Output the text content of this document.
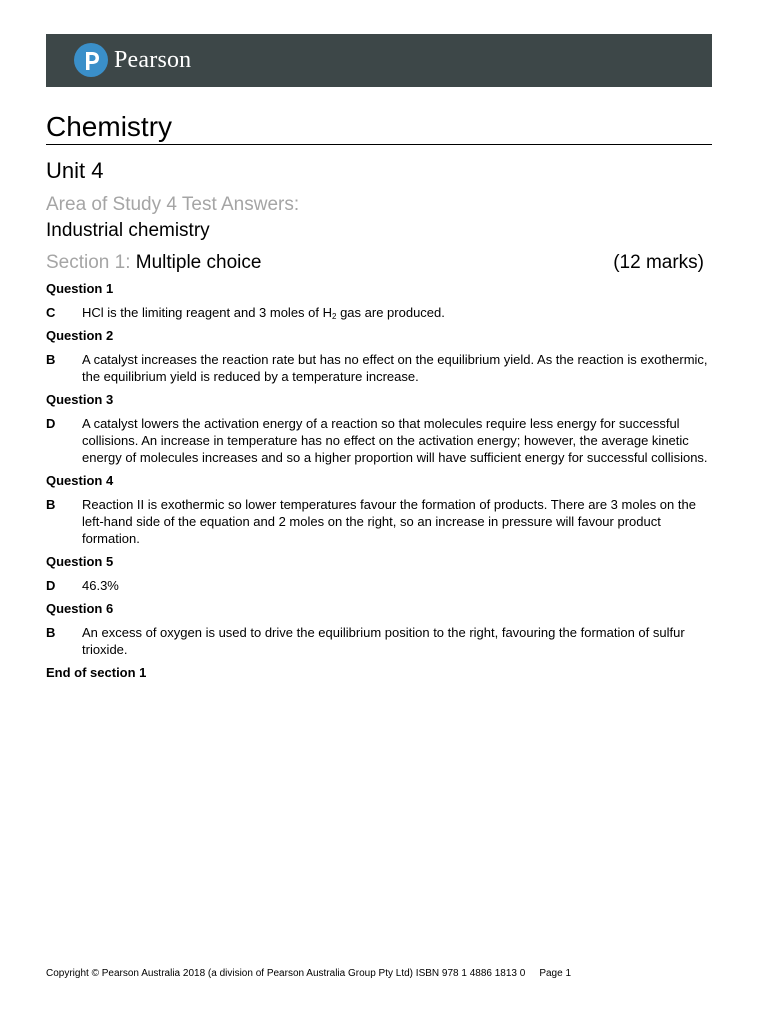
Pearson
Chemistry
Unit 4
Area of Study 4 Test Answers:
Industrial chemistry
Section 1: Multiple choice	(12 marks)
Question 1
C	HCl is the limiting reagent and 3 moles of $H_2$ gas are produced.
Question 2
B	A catalyst increases the reaction rate but has no effect on the equilibrium yield. As the reaction is exothermic, the equilibrium yield is reduced by a temperature increase.
Question 3
D	A catalyst lowers the activation energy of a reaction so that molecules require less energy for successful collisions. An increase in temperature has no effect on the activation energy; however, the average kinetic energy of molecules increases and so a higher proportion will have sufficient energy for successful collisions.
Question 4
B	Reaction II is exothermic so lower temperatures favour the formation of products. There are 3 moles on the left-hand side of the equation and 2 moles on the right, so an increase in pressure will favour product formation.
Question 5
D	46.3%
Question 6
B	An excess of oxygen is used to drive the equilibrium position to the right, favouring the formation of sulfur trioxide.
End of section 1
Copyright © Pearson Australia 2018 (a division of Pearson Australia Group Pty Ltd) ISBN 978 1 4886 1813 0 Page 1
